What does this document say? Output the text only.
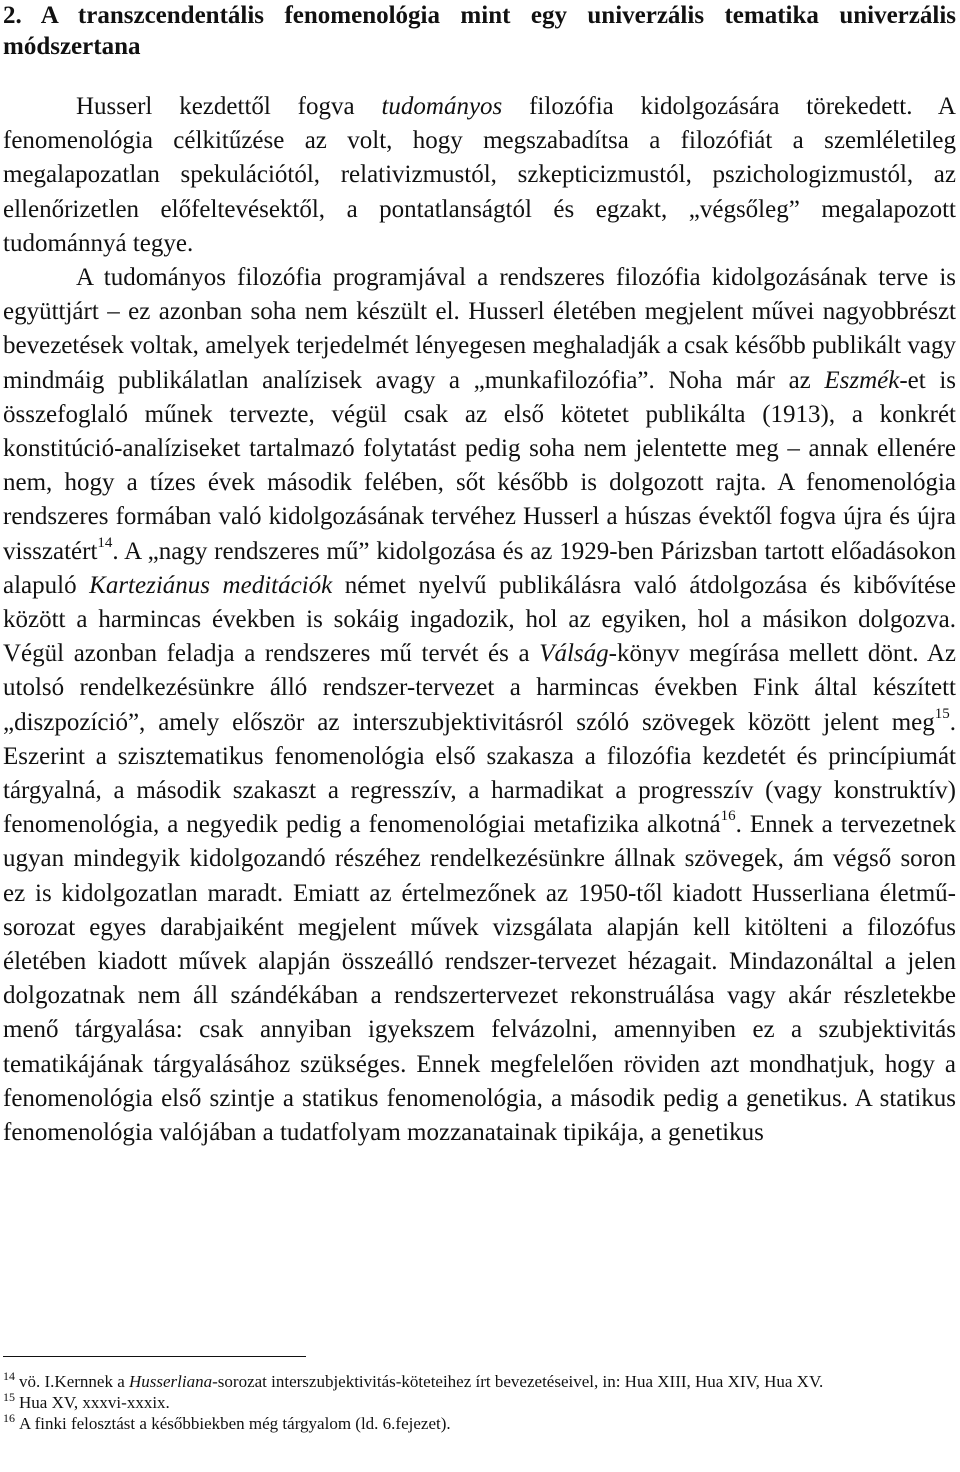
2. A transzcendentális fenomenológia mint egy univerzális tematika univerzális módszertana

Husserl kezdettől fogva tudományos filozófia kidolgozására törekedett. A fenomenológia célkitűzése az volt, hogy megszabadítsa a filozófiát a szemléletileg megalapozatlan spekulációtól, relativizmustól, szkepticizmustól, pszichologizmustól, az ellenőrizetlen előfeltevésektől, a pontatlanságtól és egzakt, „végsőleg” megalapozott tudománnyá tegye.

A tudományos filozófia programjával a rendszeres filozófia kidolgozásának terve is együttjárt – ez azonban soha nem készült el. Husserl életében megjelent művei nagyobbrészt bevezetések voltak, amelyek terjedelmét lényegesen meghaladják a csak később publikált vagy mindmáig publikálatlan analízisek avagy a „munkafilozófia”. Noha már az Eszmék-et is összefoglaló műnek tervezte, végül csak az első kötetet publikálta (1913), a konkrét konstitúció-analíziseket tartalmazó folytatást pedig soha nem jelentette meg – annak ellenére nem, hogy a tízes évek második felében, sőt később is dolgozott rajta. A fenomenológia rendszeres formában való kidolgozásának tervéhez Husserl a húszas évektől fogva újra és újra visszatért$^{14}$. A „nagy rendszeres mű” kidolgozása és az 1929-ben Párizsban tartott előadásokon alapuló Karteziánus meditációk német nyelvű publikálásra való átdolgozása és kibővítése között a harmincas években is sokáig ingadozik, hol az egyiken, hol a másikon dolgozva. Végül azonban feladja a rendszeres mű tervét és a Válság-könyv megírása mellett dönt. Az utolsó rendelkezésünkre álló rendszer-tervezet a harmincas években Fink által készített „diszpozíció”, amely először az interszubjektivitásról szóló szövegek között jelent meg$^{15}$. Eszerint a szisztematikus fenomenológia első szakasza a filozófia kezdetét és princípiumát tárgyalná, a második szakaszt a regresszív, a harmadikat a progresszív (vagy konstruktív) fenomenológia, a negyedik pedig a fenomenológiai metafizika alkotná$^{16}$. Ennek a tervezetnek ugyan mindegyik kidolgozandó részéhez rendelkezésünkre állnak szövegek, ám végső soron ez is kidolgozatlan maradt. Emiatt az értelmezőnek az 1950-től kiadott Husserliana életmű-sorozat egyes darabjaiként megjelent művek vizsgálata alapján kell kitölteni a filozófus életében kiadott művek alapján összeálló rendszer-tervezet hézagait. Mindazonáltal a jelen dolgozatnak nem áll szándékában a rendszertervezet rekonstruálása vagy akár részletekbe menő tárgyalása: csak annyiban igyekszem felvázolni, amennyiben ez a szubjektivitás tematikájának tárgyalásához szükséges. Ennek megfelelően röviden azt mondhatjuk, hogy a fenomenológia első szintje a statikus fenomenológia, a második pedig a genetikus. A statikus fenomenológia valójában a tudatfolyam mozzanatainak tipikája, a genetikus

$^{14}$ vö. I.Kernnek a Husserliana-sorozat interszubjektivitás-köteteihez írt bevezetéseivel, in: Hua XIII, Hua XIV, Hua XV.

$^{15}$ Hua XV, xxxvi-xxxix.

$^{16}$ A finki felosztást a későbbiekben még tárgyalom (ld. 6.fejezet).
